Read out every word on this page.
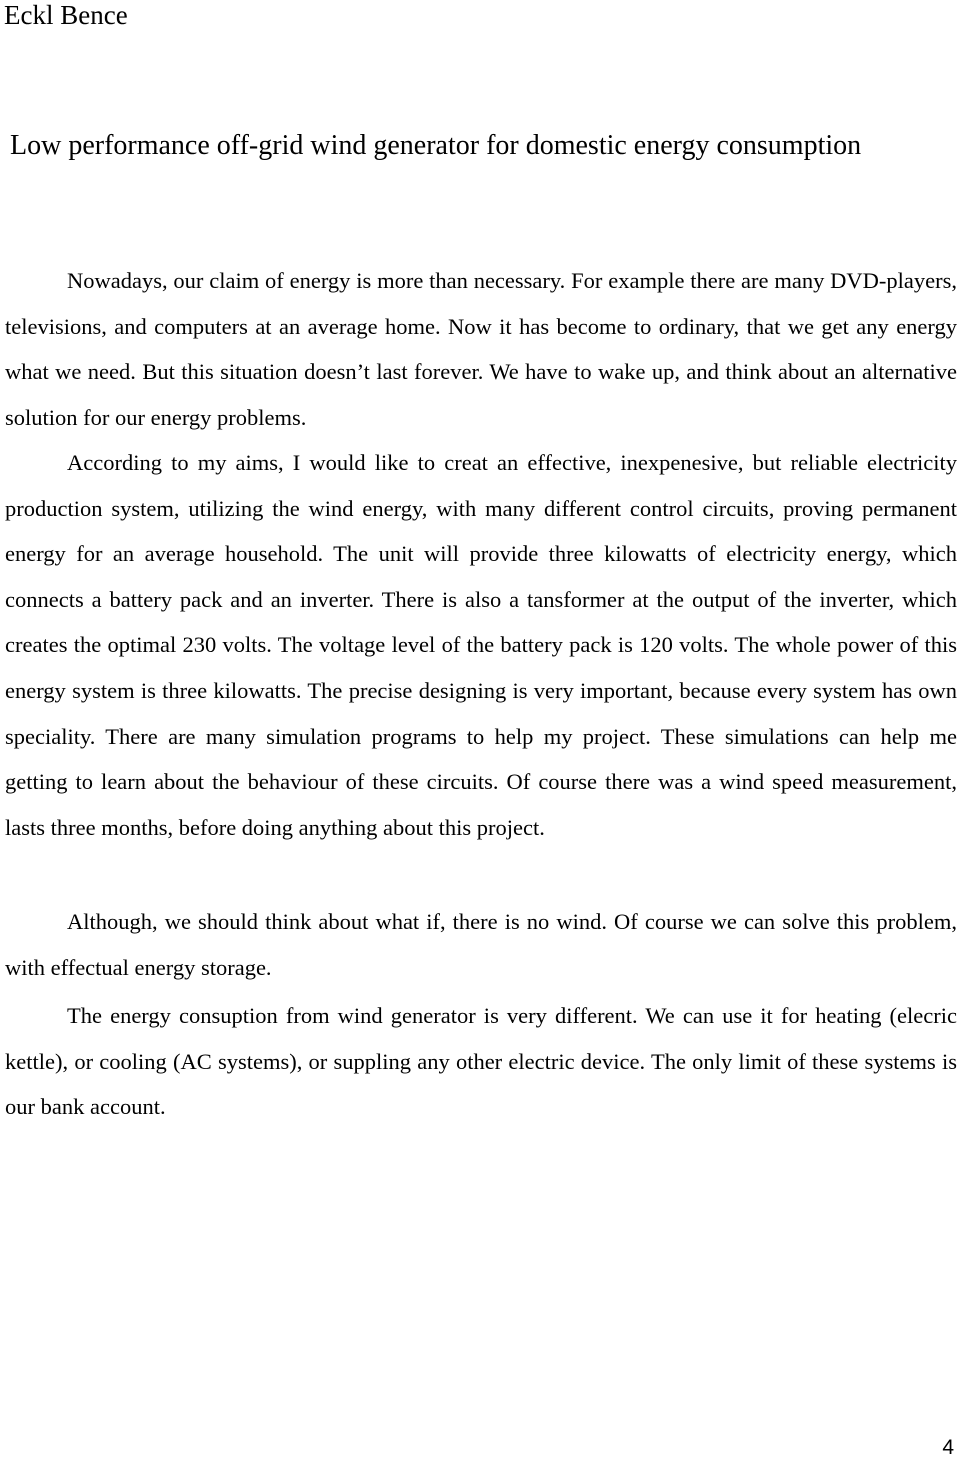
Eckl Bence
Low performance off-grid wind generator for domestic energy consumption

Nowadays, our claim of energy is more than necessary. For example there are many DVD-players, televisions, and computers at an average home. Now it has become to ordinary, that we get any energy what we need. But this situation doesn’t last forever. We have to wake up, and think about an alternative solution for our energy problems.

According to my aims, I would like to creat an effective, inexpenesive, but reliable electricity production system, utilizing the wind energy, with many different control circuits, proving permanent energy for an average household. The unit will provide three kilowatts of electricity energy, which connects a battery pack and an inverter. There is also a tansformer at the output of the inverter, which creates the optimal 230 volts. The voltage level of the battery pack is 120 volts. The whole power of this energy system is three kilowatts. The precise designing is very important, because every system has own speciality. There are many simulation programs to help my project. These simulations can help me getting to learn about the behaviour of these circuits. Of course there was a wind speed measurement, lasts three months, before doing anything about this project.

Although, we should think about what if, there is no wind. Of course we can solve this problem, with effectual energy storage.

The energy consuption from wind generator is very different. We can use it for heating (elecric kettle), or cooling (AC systems), or suppling any other electric device. The only limit of these systems is our bank account.

4
